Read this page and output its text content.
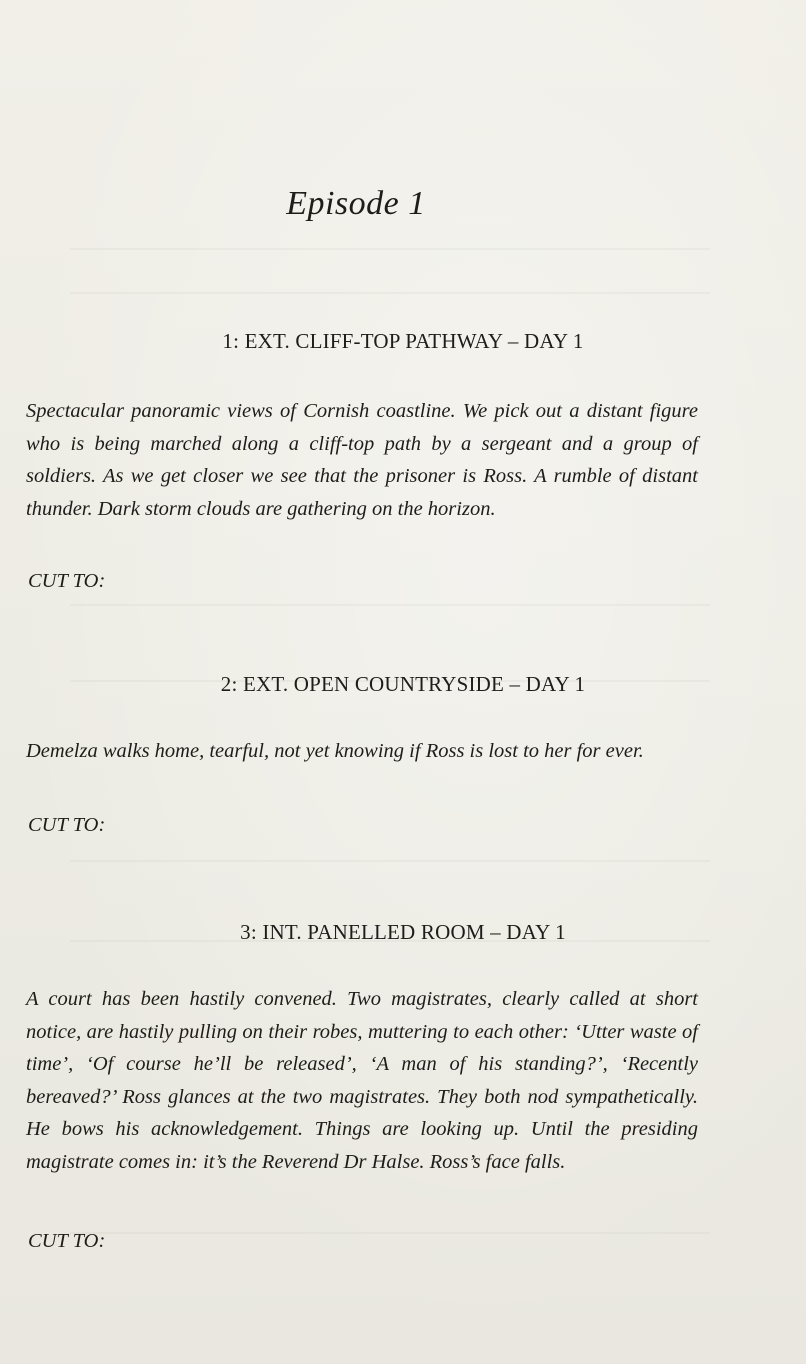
Episode 1
1: EXT. CLIFF-TOP PATHWAY – DAY 1
Spectacular panoramic views of Cornish coastline. We pick out a distant figure who is being marched along a cliff-top path by a sergeant and a group of soldiers. As we get closer we see that the prisoner is Ross. A rumble of distant thunder. Dark storm clouds are gathering on the horizon.
CUT TO:
2: EXT. OPEN COUNTRYSIDE – DAY 1
Demelza walks home, tearful, not yet knowing if Ross is lost to her for ever.
CUT TO:
3: INT. PANELLED ROOM – DAY 1
A court has been hastily convened. Two magistrates, clearly called at short notice, are hastily pulling on their robes, muttering to each other: ‘Utter waste of time’, ‘Of course he’ll be released’, ‘A man of his standing?’, ‘Recently bereaved?’ Ross glances at the two magistrates. They both nod sympathetically. He bows his acknowledgement. Things are looking up. Until the presiding magistrate comes in: it’s the Reverend Dr Halse. Ross’s face falls.
CUT TO:
